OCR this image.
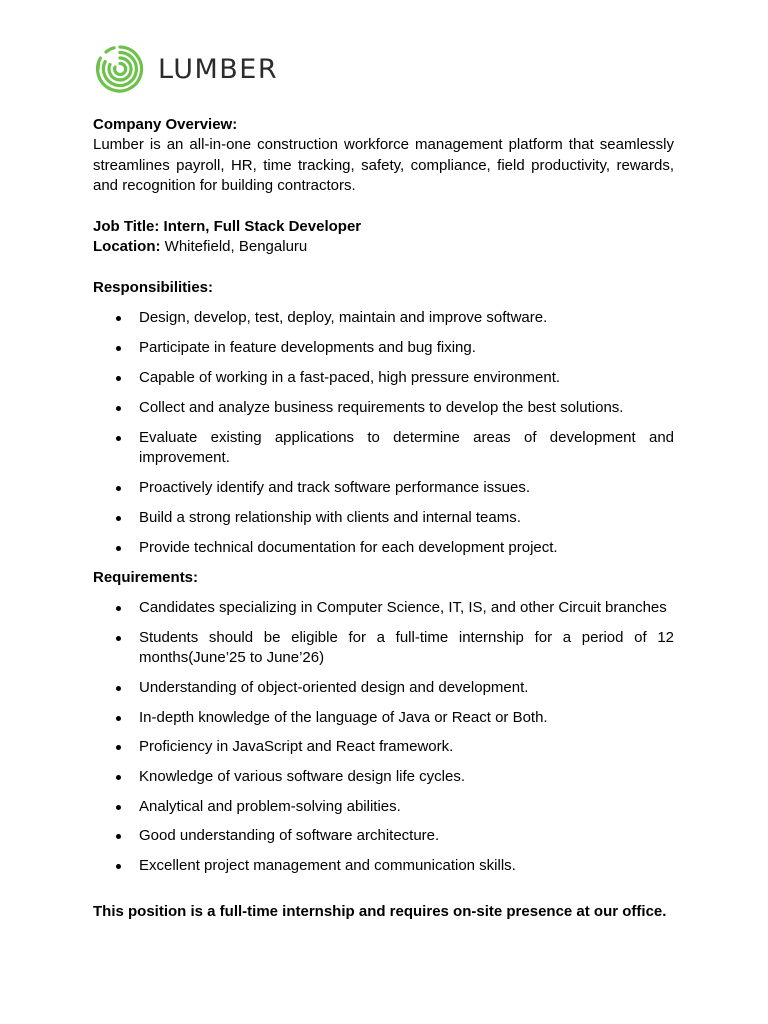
LUMBER
Company Overview:

Lumber is an all-in-one construction workforce management platform that seamlessly streamlines payroll, HR, time tracking, safety, compliance, field productivity, rewards, and recognition for building contractors.

Job Title: Intern, Full Stack Developer
Location: Whitefield, Bengaluru
Responsibilities:
Design, develop, test, deploy, maintain and improve software.
Participate in feature developments and bug fixing.
Capable of working in a fast-paced, high pressure environment.
Collect and analyze business requirements to develop the best solutions.
Evaluate existing applications to determine areas of development and improvement.
Proactively identify and track software performance issues.
Build a strong relationship with clients and internal teams.
Provide technical documentation for each development project.
Requirements:
Candidates specializing in Computer Science, IT, IS, and other Circuit branches
Students should be eligible for a full-time internship for a period of 12 months(June’25 to June’26)
Understanding of object-oriented design and development.
In-depth knowledge of the language of Java or React or Both.
Proficiency in JavaScript and React framework.
Knowledge of various software design life cycles.
Analytical and problem-solving abilities.
Good understanding of software architecture.
Excellent project management and communication skills.
This position is a full-time internship and requires on-site presence at our office.
